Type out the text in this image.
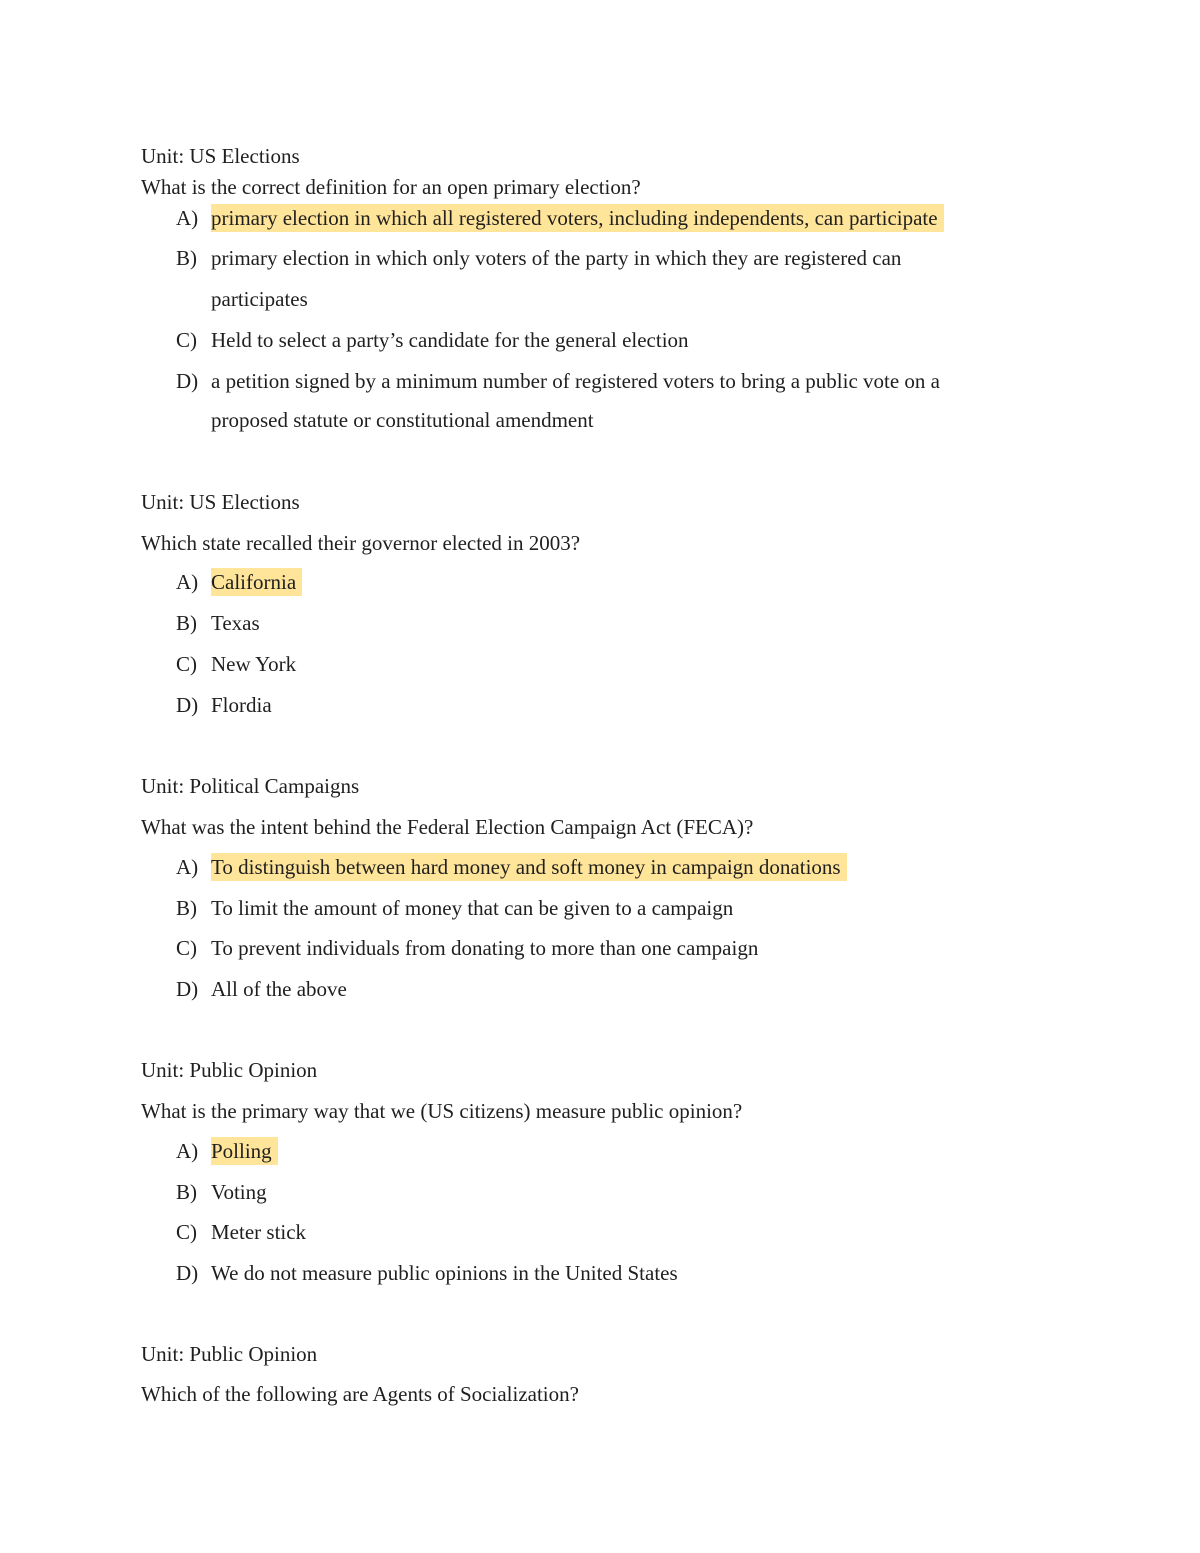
Unit: US Elections
What is the correct definition for an open primary election?
A) primary election in which all registered voters, including independents, can participate
B) primary election in which only voters of the party in which they are registered can
participates
C) Held to select a party’s candidate for the general election
D) a petition signed by a minimum number of registered voters to bring a public vote on a
proposed statute or constitutional amendment
Unit: US Elections
Which state recalled their governor elected in 2003?
A) California
B) Texas
C) New York
D) Flordia
Unit: Political Campaigns
What was the intent behind the Federal Election Campaign Act (FECA)?
A) To distinguish between hard money and soft money in campaign donations
B) To limit the amount of money that can be given to a campaign
C) To prevent individuals from donating to more than one campaign
D) All of the above
Unit: Public Opinion
What is the primary way that we (US citizens) measure public opinion?
A) Polling
B) Voting
C) Meter stick
D) We do not measure public opinions in the United States
Unit: Public Opinion
Which of the following are Agents of Socialization?
